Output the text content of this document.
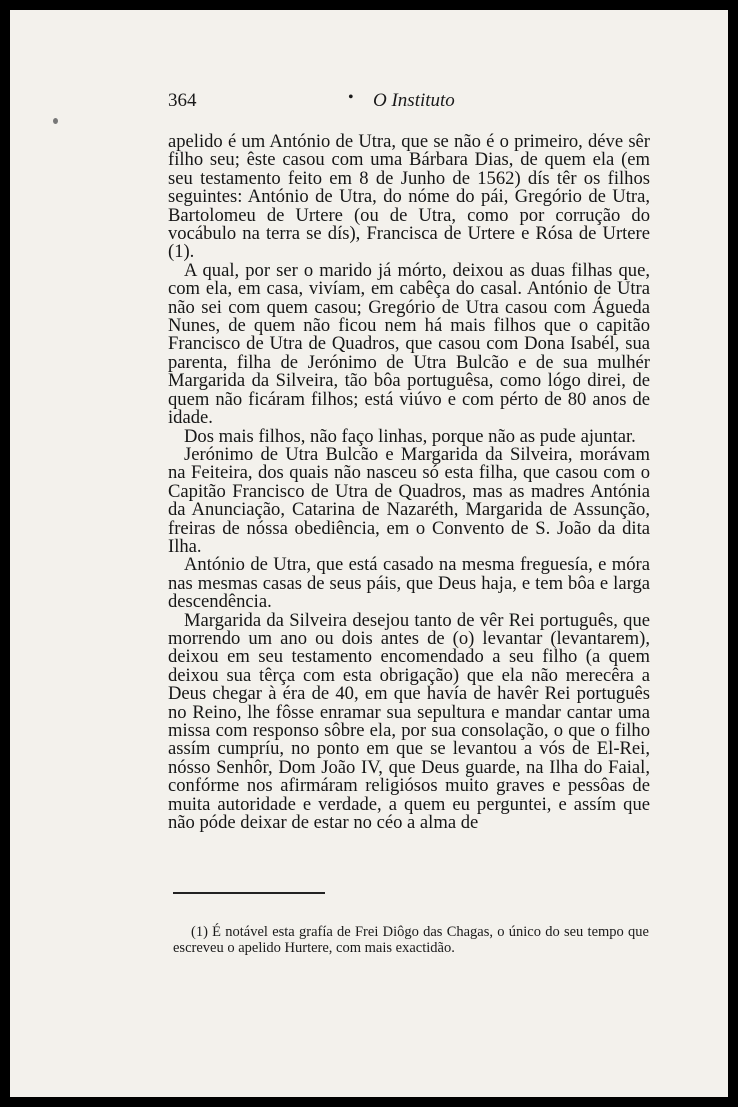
364	• O Instituto

apelido é um António de Utra, que se não é o primeiro, déve sêr filho seu; êste casou com uma Bárbara Dias, de quem ela (em seu testamento feito em 8 de Junho de 1562) dís têr os filhos seguintes: António de Utra, do nóme do pái, Gregório de Utra, Bartolomeu de Urtere (ou de Utra, como por corrução do vocábulo na terra se dís), Francisca de Urtere e Rósa de Urtere (1).

A qual, por ser o marido já mórto, deixou as duas filhas que, com ela, em casa, vivíam, em cabêça do casal. António de Utra não sei com quem casou; Gregório de Utra casou com Águeda Nunes, de quem não ficou nem há mais filhos que o capitão Francisco de Utra de Quadros, que casou com Dona Isabél, sua parenta, filha de Jerónimo de Utra Bulcão e de sua mulhér Margarida da Silveira, tão bôa portuguêsa, como lógo direi, de quem não ficáram filhos; está viúvo e com pérto de 80 anos de idade.

Dos mais filhos, não faço linhas, porque não as pude ajuntar.

Jerónimo de Utra Bulcão e Margarida da Silveira, morávam na Feiteira, dos quais não nasceu só esta filha, que casou com o Capitão Francisco de Utra de Quadros, mas as madres Antónia da Anunciação, Catarina de Nazaréth, Margarida de Assunção, freiras de nóssa obediência, em o Convento de S. João da dita Ilha.

António de Utra, que está casado na mesma freguesía, e móra nas mesmas casas de seus páis, que Deus haja, e tem bôa e larga descendência.

Margarida da Silveira desejou tanto de vêr Rei português, que morrendo um ano ou dois antes de (o) levantar (levantarem), deixou em seu testamento encomendado a seu filho (a quem deixou sua têrça com esta obrigação) que ela não merecêra a Deus chegar à éra de 40, em que havía de havêr Rei português no Reino, lhe fôsse enramar sua sepultura e mandar cantar uma missa com responso sôbre ela, por sua consolação, o que o filho assím cumpríu, no ponto em que se levantou a vós de El-Rei, nósso Senhôr, Dom João IV, que Deus guarde, na Ilha do Faial, confórme nos afirmáram religiósos muito graves e pessôas de muita autoridade e verdade, a quem eu perguntei, e assím que não póde deixar de estar no céo a alma de

(1) É notável esta grafía de Frei Diôgo das Chagas, o único do seu tempo que escreveu o apelido Hurtere, com mais exactidão.
